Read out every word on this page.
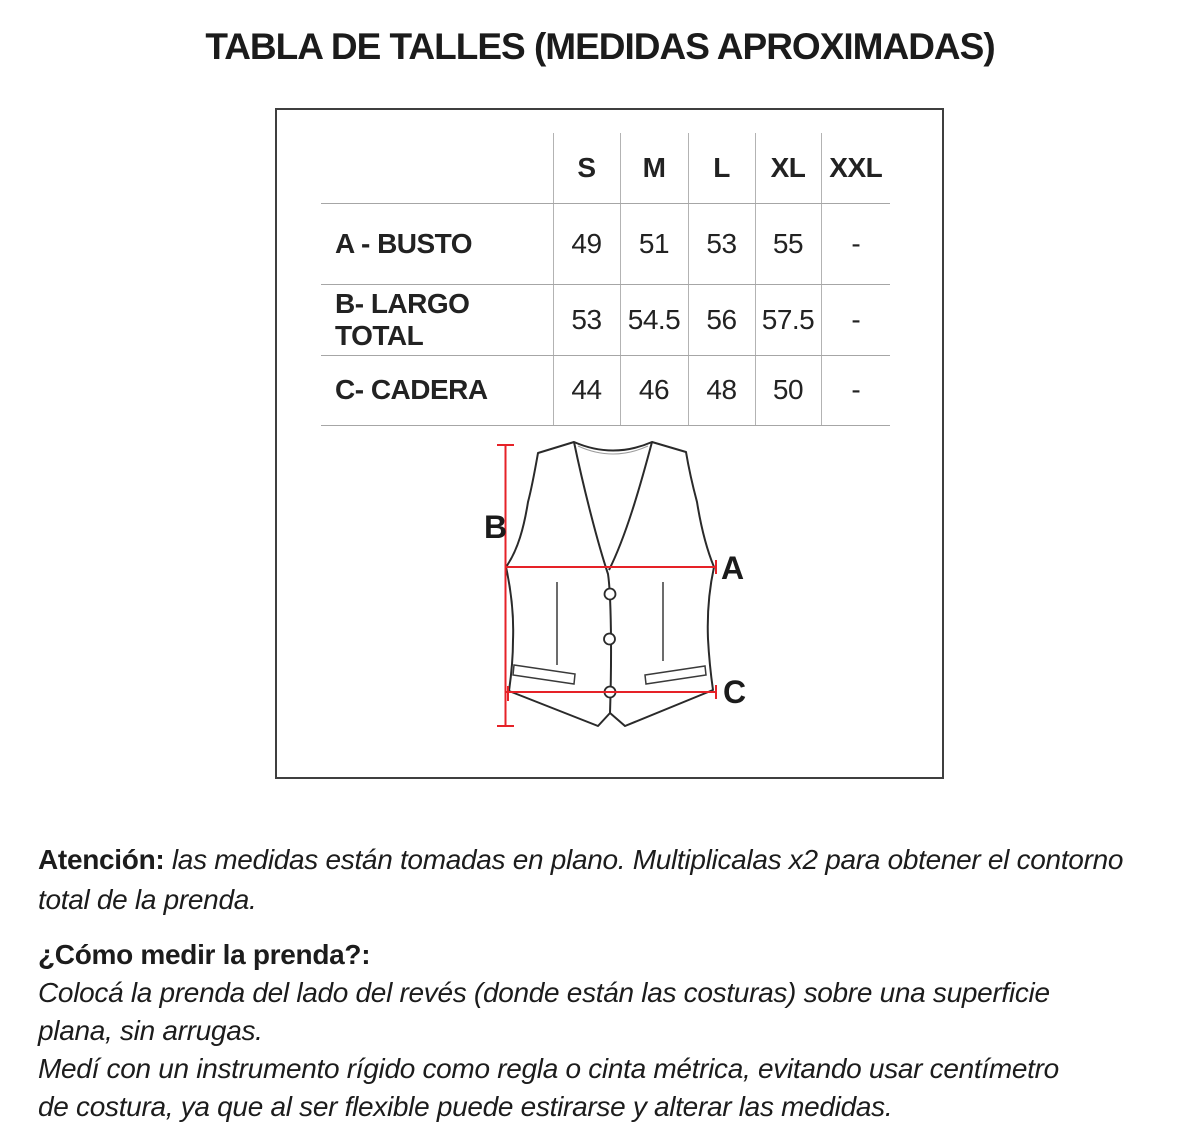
TABLA DE TALLES (MEDIDAS APROXIMADAS)
	S	M	L	XL	XXL
A - BUSTO	49	51	53	55	-
B- LARGO TOTAL	53	54.5	56	57.5	-
C- CADERA	44	46	48	50	-
B
A
C
Atención: las medidas están tomadas en plano. Multiplicalas x2 para obtener el contorno
total de la prenda.
¿Cómo medir la prenda?:
Colocá la prenda del lado del revés (donde están las costuras) sobre una superficie
plana, sin arrugas.
Medí con un instrumento rígido como regla o cinta métrica, evitando usar centímetro
de costura, ya que al ser flexible puede estirarse y alterar las medidas.
